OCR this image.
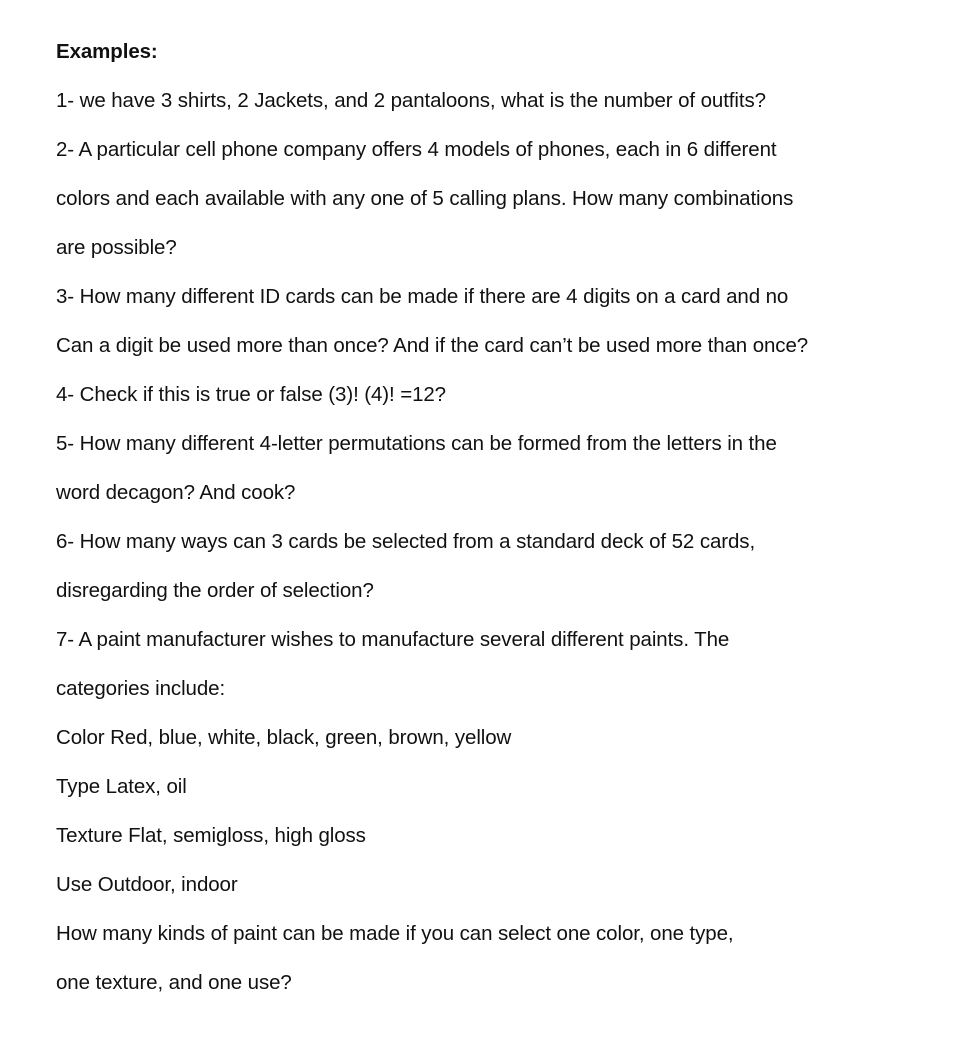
Examples:
1- we have 3 shirts, 2 Jackets, and 2 pantaloons, what is the number of outfits?
2- A particular cell phone company offers 4 models of phones, each in 6 different
colors and each available with any one of 5 calling plans. How many combinations
are possible?
3- How many different ID cards can be made if there are 4 digits on a card and no
Can a digit be used more than once? And if the card can’t be used more than once?
4- Check if this is true or false (3)! (4)! =12?
5- How many different 4-letter permutations can be formed from the letters in the
word decagon? And cook?
6- How many ways can 3 cards be selected from a standard deck of 52 cards,
disregarding the order of selection?
7- A paint manufacturer wishes to manufacture several different paints. The
categories include:
Color Red, blue, white, black, green, brown, yellow
Type Latex, oil
Texture Flat, semigloss, high gloss
Use Outdoor, indoor
How many kinds of paint can be made if you can select one color, one type,
one texture, and one use?
